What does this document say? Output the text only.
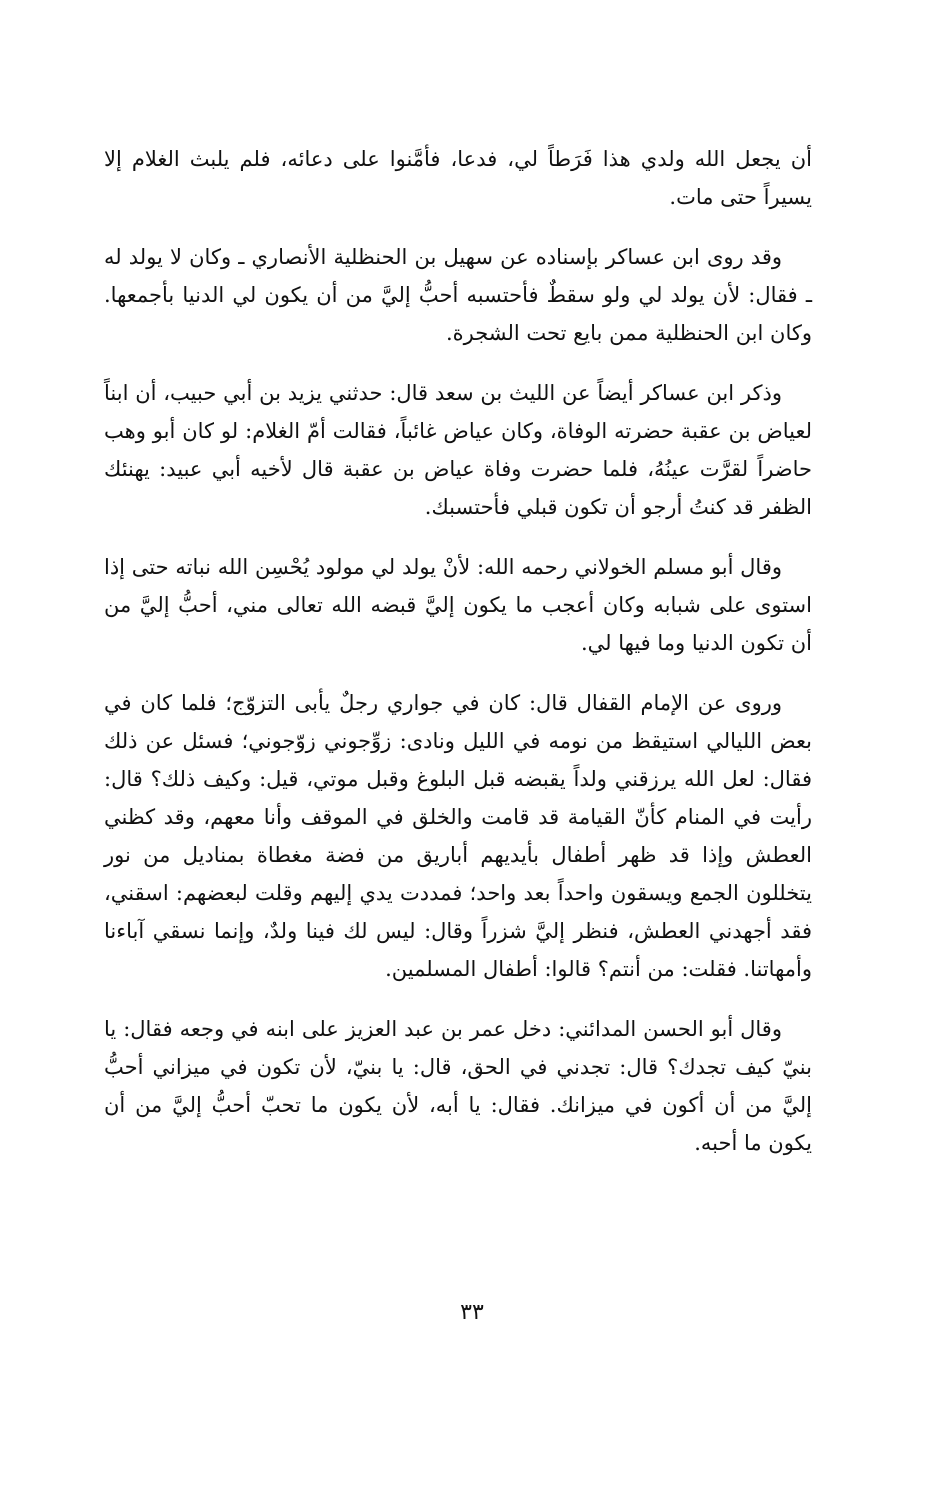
أن يجعل الله ولدي هذا فَرَطاً لي، فدعا، فأمَّنوا على دعائه، فلم يلبث الغلام إلا يسيراً حتى مات.

وقد روى ابن عساكر بإسناده عن سهيل بن الحنظلية الأنصاري ـ وكان لا يولد له ـ فقال: لأن يولد لي ولو سقطٌ فأحتسبه أحبُّ إليَّ من أن يكون لي الدنيا بأجمعها. وكان ابن الحنظلية ممن بايع تحت الشجرة.

وذكر ابن عساكر أيضاً عن الليث بن سعد قال: حدثني يزيد بن أبي حبيب، أن ابناً لعياض بن عقبة حضرته الوفاة، وكان عياض غائباً، فقالت أمّ الغلام: لو كان أبو وهب حاضراً لقرَّت عينُهُ، فلما حضرت وفاة عياض بن عقبة قال لأخيه أبي عبيد: يهنئك الظفر قد كنتُ أرجو أن تكون قبلي فأحتسبك.

وقال أبو مسلم الخولاني رحمه الله: لأنْ يولد لي مولود يُحْسِن الله نباته حتى إذا استوى على شبابه وكان أعجب ما يكون إليَّ قبضه الله تعالى مني، أحبُّ إليَّ من أن تكون الدنيا وما فيها لي.

وروى عن الإمام القفال قال: كان في جواري رجلٌ يأبى التزوّج؛ فلما كان في بعض الليالي استيقظ من نومه في الليل ونادى: زوِّجوني زوّجوني؛ فسئل عن ذلك فقال: لعل الله يرزقني ولداً يقبضه قبل البلوغ وقبل موتي، قيل: وكيف ذلك؟ قال: رأيت في المنام كأنّ القيامة قد قامت والخلق في الموقف وأنا معهم، وقد كظني العطش وإذا قد ظهر أطفال بأيديهم أباريق من فضة مغطاة بمناديل من نور يتخللون الجمع ويسقون واحداً بعد واحد؛ فمددت يدي إليهم وقلت لبعضهم: اسقني، فقد أجهدني العطش، فنظر إليَّ شزراً وقال: ليس لك فينا ولدٌ، وإنما نسقي آباءنا وأمهاتنا. فقلت: من أنتم؟ قالوا: أطفال المسلمين.

وقال أبو الحسن المدائني: دخل عمر بن عبد العزيز على ابنه في وجعه فقال: يا بنيّ كيف تجدك؟ قال: تجدني في الحق، قال: يا بنيّ، لأن تكون في ميزاني أحبُّ إليَّ من أن أكون في ميزانك. فقال: يا أبه، لأن يكون ما تحبّ أحبُّ إليَّ من أن يكون ما أحبه.

٣٣
